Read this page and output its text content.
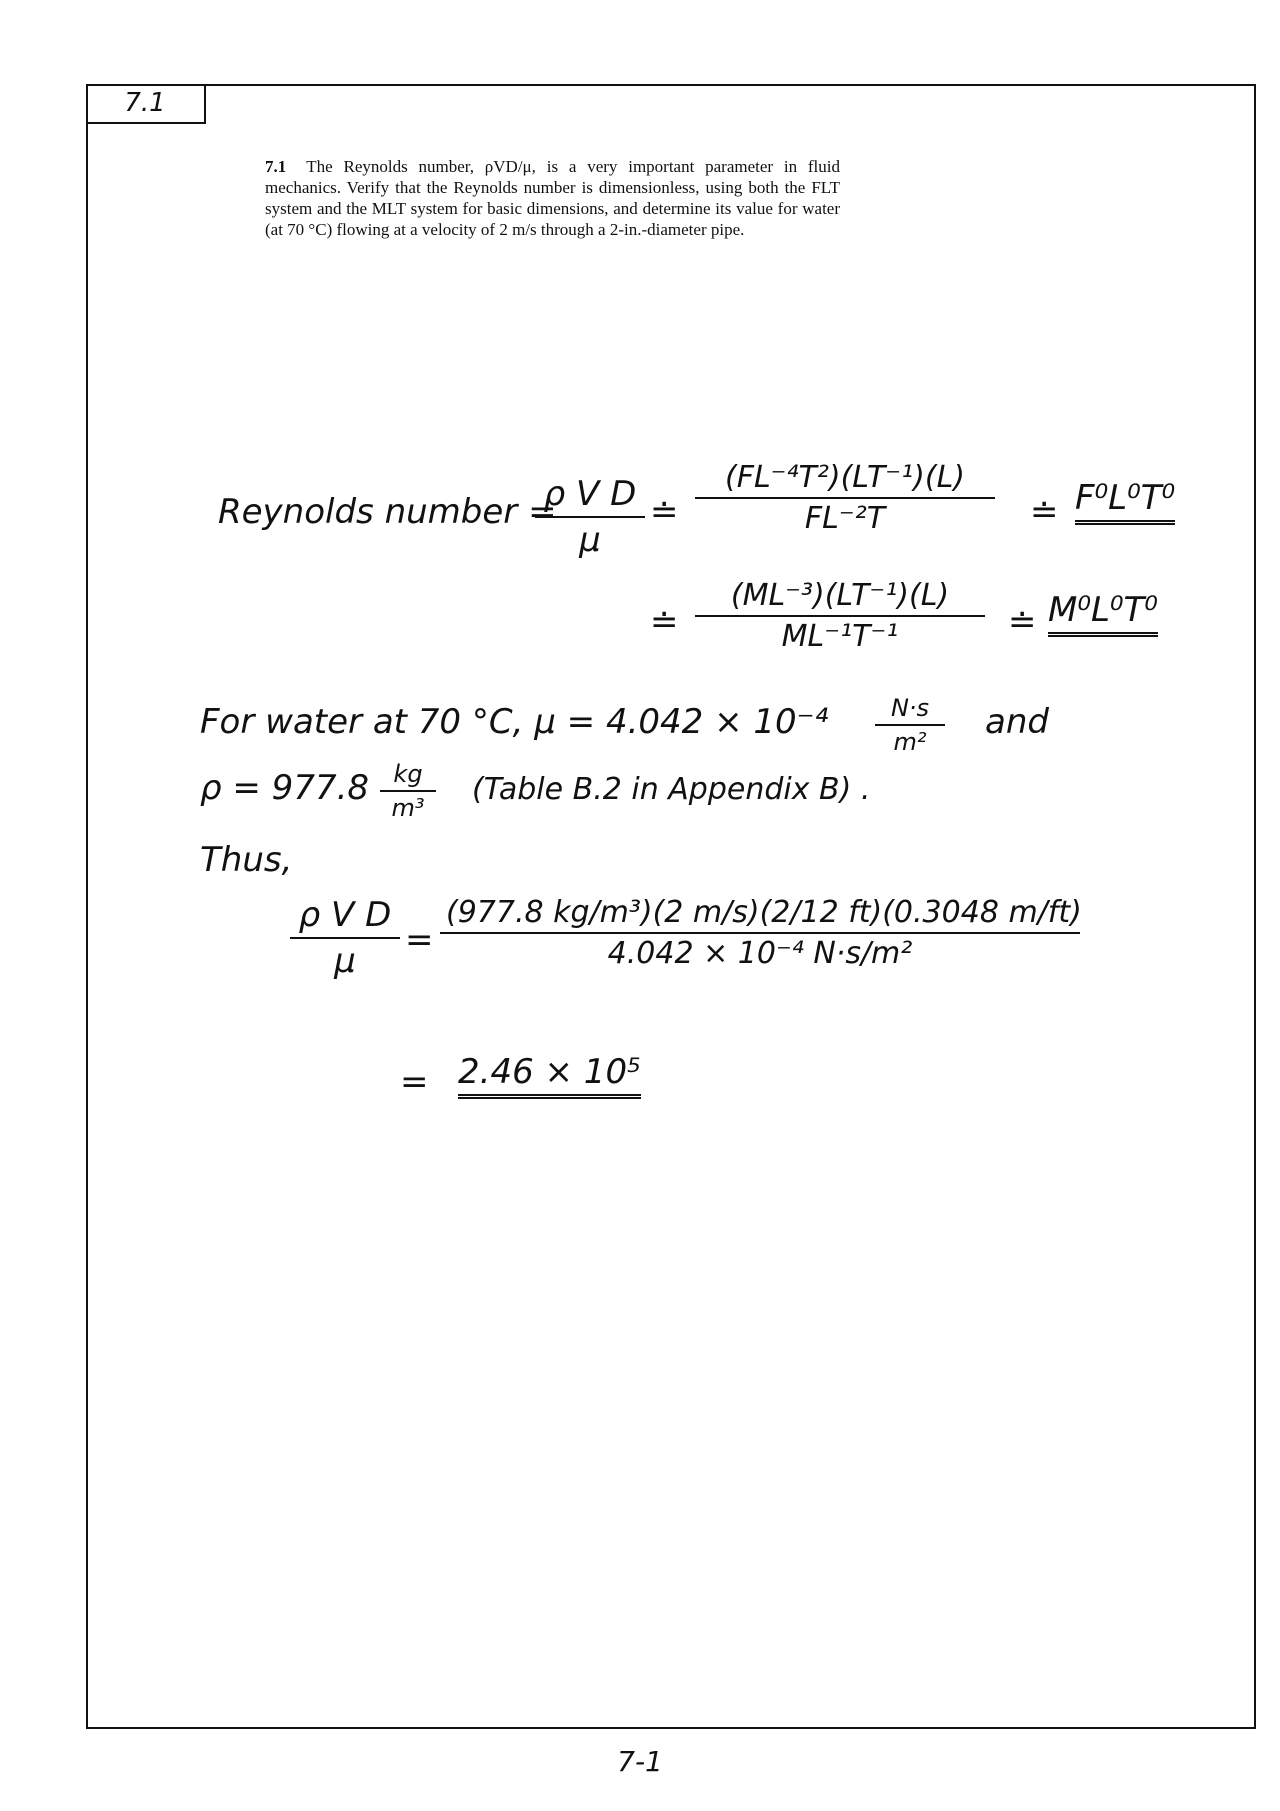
7.1
7.1 The Reynolds number, ρVD/μ, is a very important parameter in fluid mechanics. Verify that the Reynolds number is dimensionless, using both the FLT system and the MLT system for basic dimensions, and determine its value for water (at 70 °C) flowing at a velocity of 2 m/s through a 2-in.-diameter pipe.
Reynolds number =
$\frac{\text{ρ V D}}{\mu}$ ≐ $\frac{\text{(FL⁻⁴T²)(LT⁻¹)(L)}}{\text{FL⁻²T}}$ ≐ F⁰L⁰T⁰
≐ $\frac{\text{(ML⁻³)(LT⁻¹)(L)}}{\text{ML⁻¹T⁻¹}}$ ≐ M⁰L⁰T⁰
For water at 70 °C, $\mu = 4.042 \times 10^{-4} \frac{N\cdot s}{\text{m²}}$ and
$\rho = 977.8 \frac{kg}{\text{m³}}$ (Table B.2 in Appendix B) .
Thus,
$\frac{\text{ρ V D}}{\mu} = \frac{\text{(977.8 kg/m³)(2 m/s)(2/12 ft)(0.3048 m/ft)}}{\text{4.042 × 10⁻⁴ N·s/m²}}$
= 2.46 × 10⁵
7-1
